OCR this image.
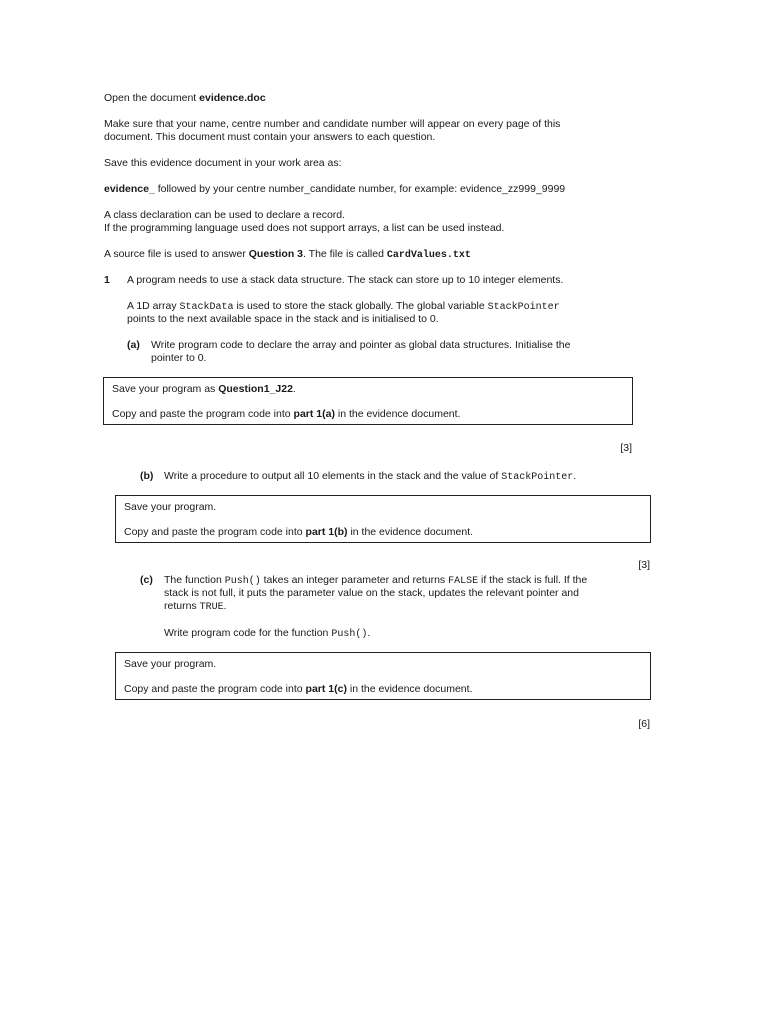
Open the document evidence.doc

Make sure that your name, centre number and candidate number will appear on every page of this

document. This document must contain your answers to each question.

Save this evidence document in your work area as:

evidence_ followed by your centre number_candidate number, for example: evidence_zz999_9999

A class declaration can be used to declare a record.

If the programming language used does not support arrays, a list can be used instead.

A source file is used to answer Question 3. The file is called CardValues.txt

1 A program needs to use a stack data structure. The stack can store up to 10 integer elements.

A 1D array StackData is used to store the stack globally. The global variable StackPointer

points to the next available space in the stack and is initialised to 0.

(a) Write program code to declare the array and pointer as global data structures. Initialise the

pointer to 0.

Save your program as Question1_J22.

Copy and paste the program code into part 1(a) in the evidence document.

[3]

(b) Write a procedure to output all 10 elements in the stack and the value of StackPointer.

Save your program.

Copy and paste the program code into part 1(b) in the evidence document.

[3]

(c) The function Push() takes an integer parameter and returns FALSE if the stack is full. If the

stack is not full, it puts the parameter value on the stack, updates the relevant pointer and

returns TRUE.

Write program code for the function Push().

Save your program.

Copy and paste the program code into part 1(c) in the evidence document.

[6]
